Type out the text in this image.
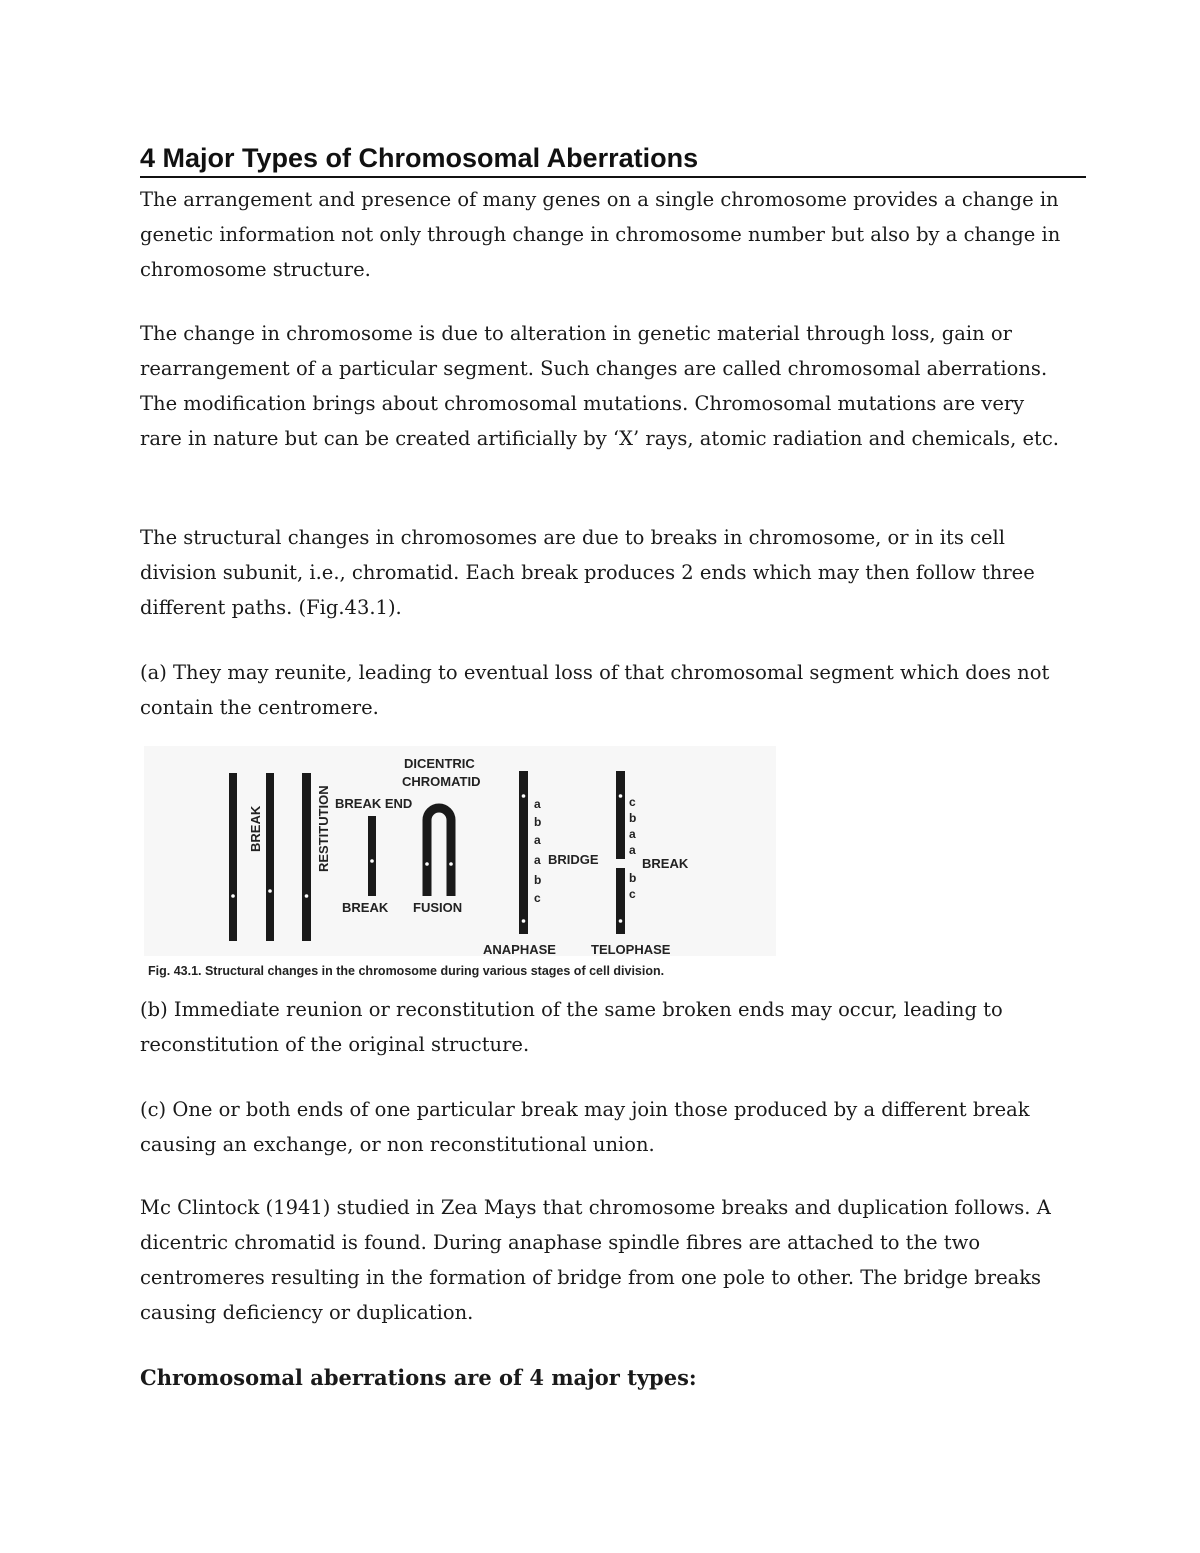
4 Major Types of Chromosomal Aberrations

The arrangement and presence of many genes on a single chromosome provides a change in genetic information not only through change in chromosome number but also by a change in chromosome structure.

The change in chromosome is due to alteration in genetic material through loss, gain or rearrangement of a particular segment. Such changes are called chromosomal aberrations. The modification brings about chromosomal mutations. Chromosomal mutations are very rare in nature but can be created artificially by ‘X’ rays, atomic radiation and chemicals, etc.

The structural changes in chromosomes are due to breaks in chromosome, or in its cell division subunit, i.e., chromatid. Each break produces 2 ends which may then follow three different paths. (Fig.43.1).

(a) They may reunite, leading to eventual loss of that chromosomal segment which does not contain the centromere.

BREAK	RESTITUTION BREAK END
BREAK
DICENTRIC
CHROMATID
FUSION
a
b
a
a
b
c
BRIDGE
ANAPHASE
c
b
a
a
b
c
BREAK
TELOPHASE
Fig. 43.1. Structural changes in the chromosome during various stages of cell division.

(b) Immediate reunion or reconstitution of the same broken ends may occur, leading to reconstitution of the original structure.

(c) One or both ends of one particular break may join those produced by a different break causing an exchange, or non reconstitutional union.

Mc Clintock (1941) studied in Zea Mays that chromosome breaks and duplication follows. A dicentric chromatid is found. During anaphase spindle fibres are attached to the two centromeres resulting in the formation of bridge from one pole to other. The bridge breaks causing deficiency or duplication.

Chromosomal aberrations are of 4 major types:
